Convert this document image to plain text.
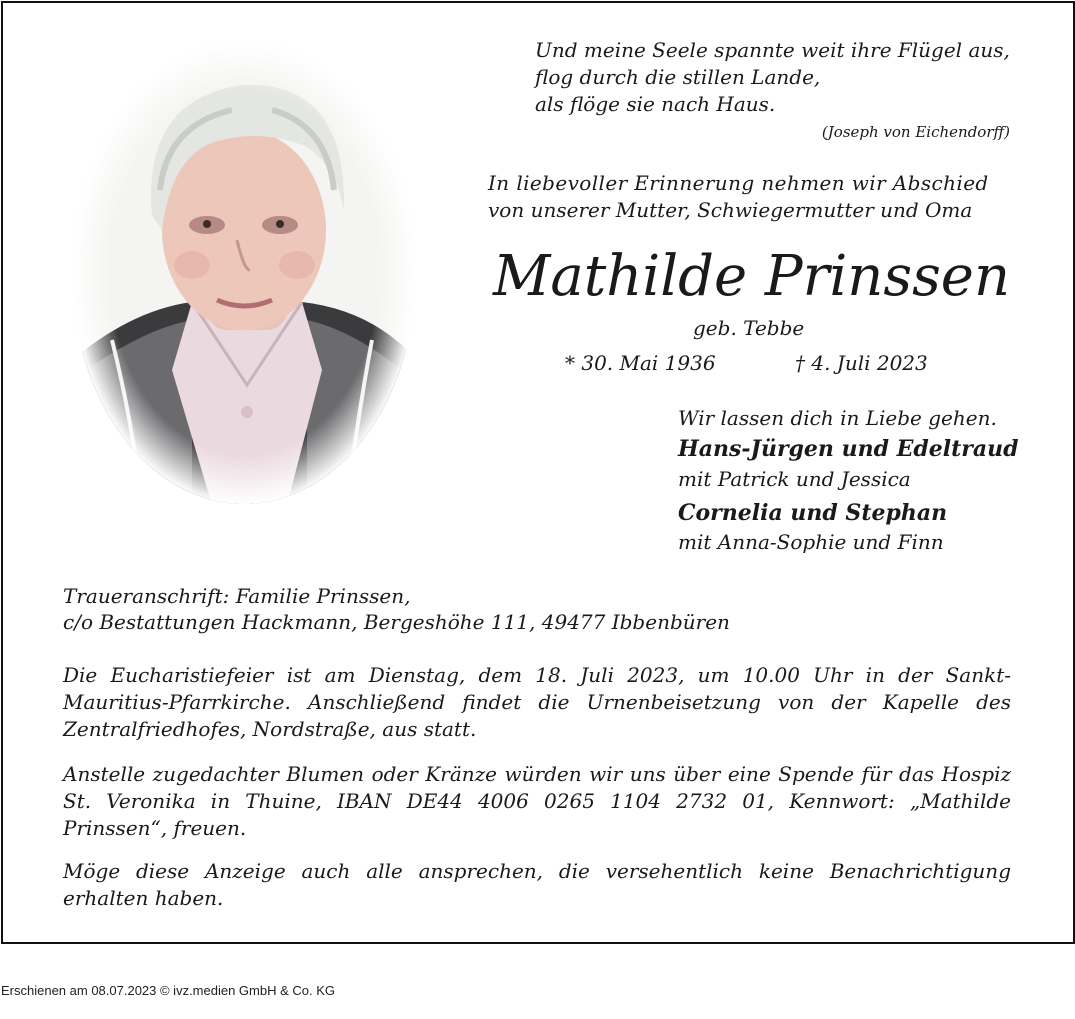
Und meine Seele spannte weit ihre Flügel aus,
flog durch die stillen Lande,
als flöge sie nach Haus.
(Joseph von Eichendorff)
In liebevoller Erinnerung nehmen wir Abschied
von unserer Mutter, Schwiegermutter und Oma
Mathilde Prinssen
geb. Tebbe
* 30. Mai 1936	† 4. Juli 2023
Wir lassen dich in Liebe gehen.
Hans-Jürgen und Edeltraud
mit Patrick und Jessica
Cornelia und Stephan
mit Anna-Sophie und Finn
Traueranschrift: Familie Prinssen,
c/o Bestattungen Hackmann, Bergeshöhe 111, 49477 Ibbenbüren
Die Eucharistiefeier ist am Dienstag, dem 18. Juli 2023, um 10.00 Uhr in der Sankt-Mauritius-Pfarrkirche. Anschließend findet die Urnenbeisetzung von der Kapelle des Zentralfriedhofes, Nordstraße, aus statt.
Anstelle zugedachter Blumen oder Kränze würden wir uns über eine Spende für das Hospiz St. Veronika in Thuine, IBAN DE44 4006 0265 1104 2732 01, Kennwort: „Mathilde Prinssen“, freuen.
Möge diese Anzeige auch alle ansprechen, die versehentlich keine Benachrichtigung erhalten haben.
Erschienen am 08.07.2023 © ivz.medien GmbH & Co. KG
